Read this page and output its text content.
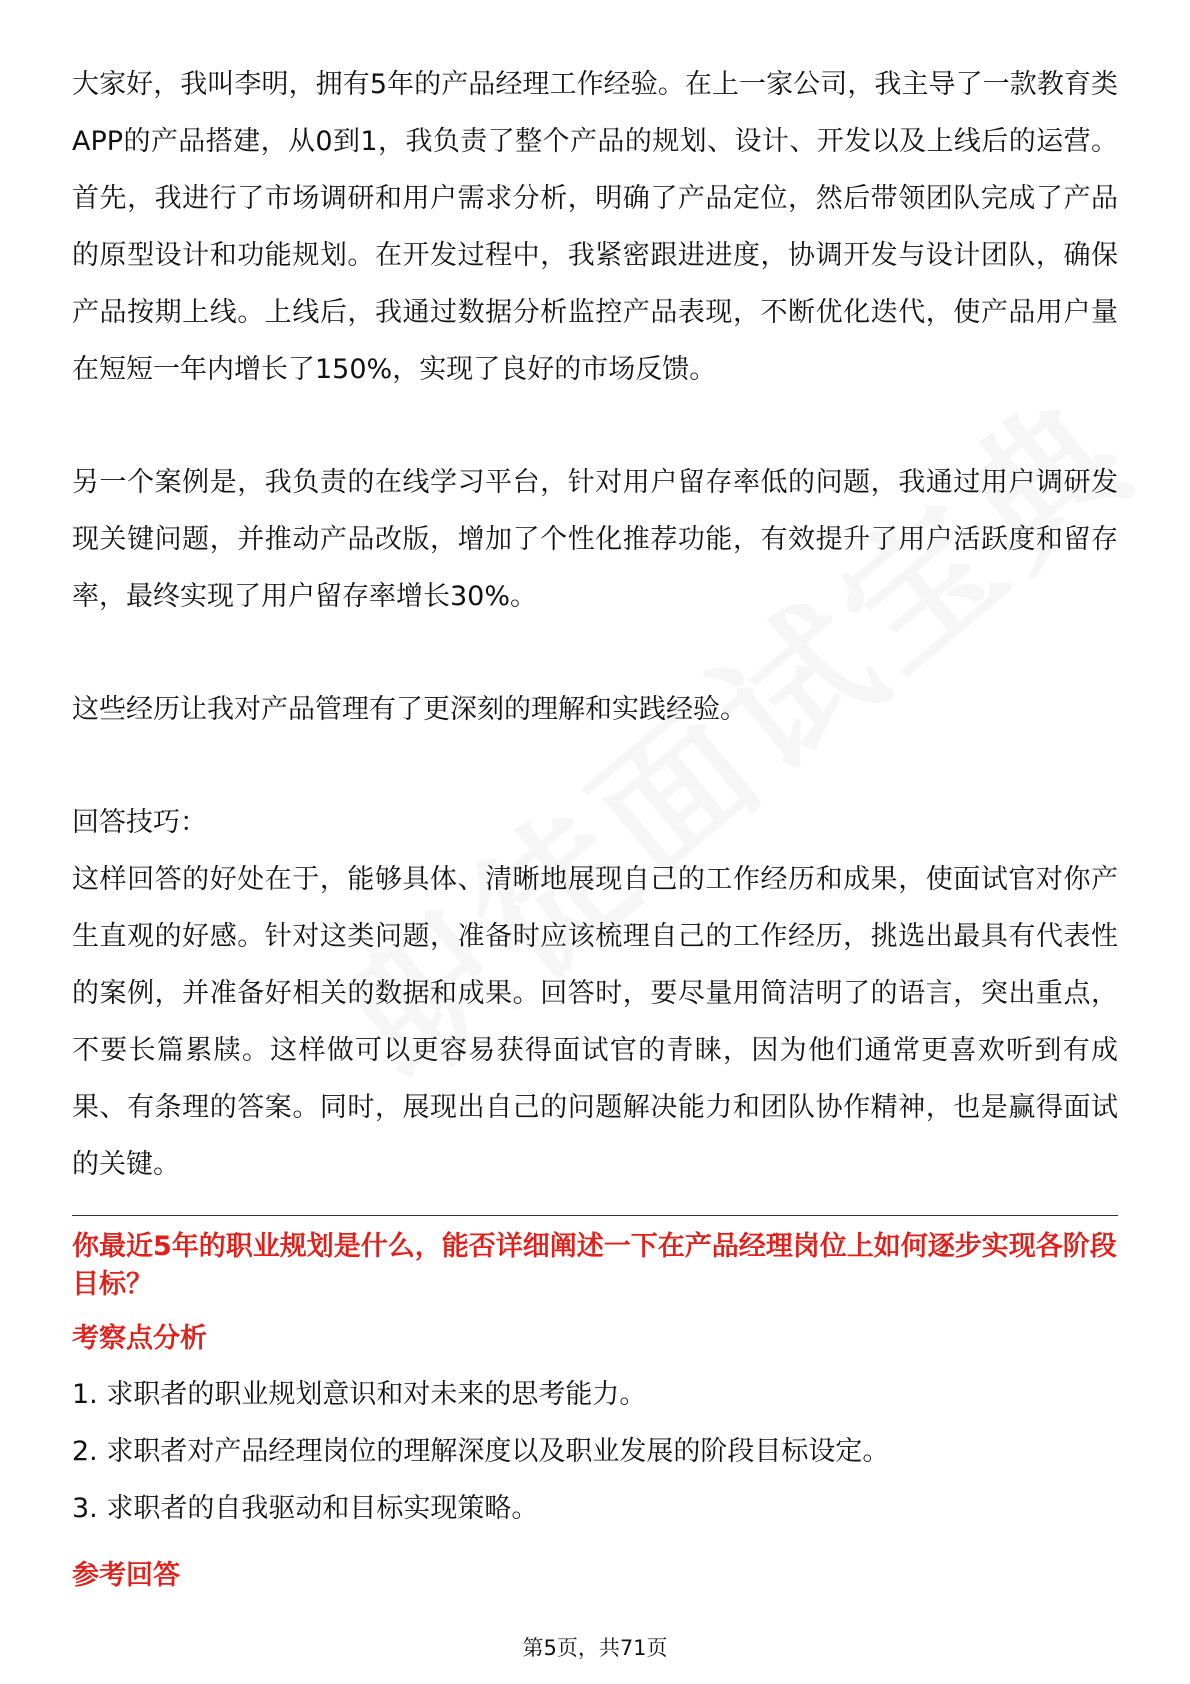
大家好，我叫李明，拥有5年的产品经理工作经验。在上一家公司，我主导了一款教育类APP的产品搭建，从0到1，我负责了整个产品的规划、设计、开发以及上线后的运营。首先，我进行了市场调研和用户需求分析，明确了产品定位，然后带领团队完成了产品的原型设计和功能规划。在开发过程中，我紧密跟进进度，协调开发与设计团队，确保产品按期上线。上线后，我通过数据分析监控产品表现，不断优化迭代，使产品用户量在短短一年内增长了150%，实现了良好的市场反馈。

另一个案例是，我负责的在线学习平台，针对用户留存率低的问题，我通过用户调研发现关键问题，并推动产品改版，增加了个性化推荐功能，有效提升了用户活跃度和留存率，最终实现了用户留存率增长30%。

这些经历让我对产品管理有了更深刻的理解和实践经验。

回答技巧：

这样回答的好处在于，能够具体、清晰地展现自己的工作经历和成果，使面试官对你产生直观的好感。针对这类问题，准备时应该梳理自己的工作经历，挑选出最具有代表性的案例，并准备好相关的数据和成果。回答时，要尽量用简洁明了的语言，突出重点，不要长篇累牍。这样做可以更容易获得面试官的青睐，因为他们通常更喜欢听到有成果、有条理的答案。同时，展现出自己的问题解决能力和团队协作精神，也是赢得面试的关键。

你最近5年的职业规划是什么，能否详细阐述一下在产品经理岗位上如何逐步实现各阶段目标？

考察点分析
1. 求职者的职业规划意识和对未来的思考能力。
2. 求职者对产品经理岗位的理解深度以及职业发展的阶段目标设定。
3. 求职者的自我驱动和目标实现策略。
参考回答
第5页，共71页
